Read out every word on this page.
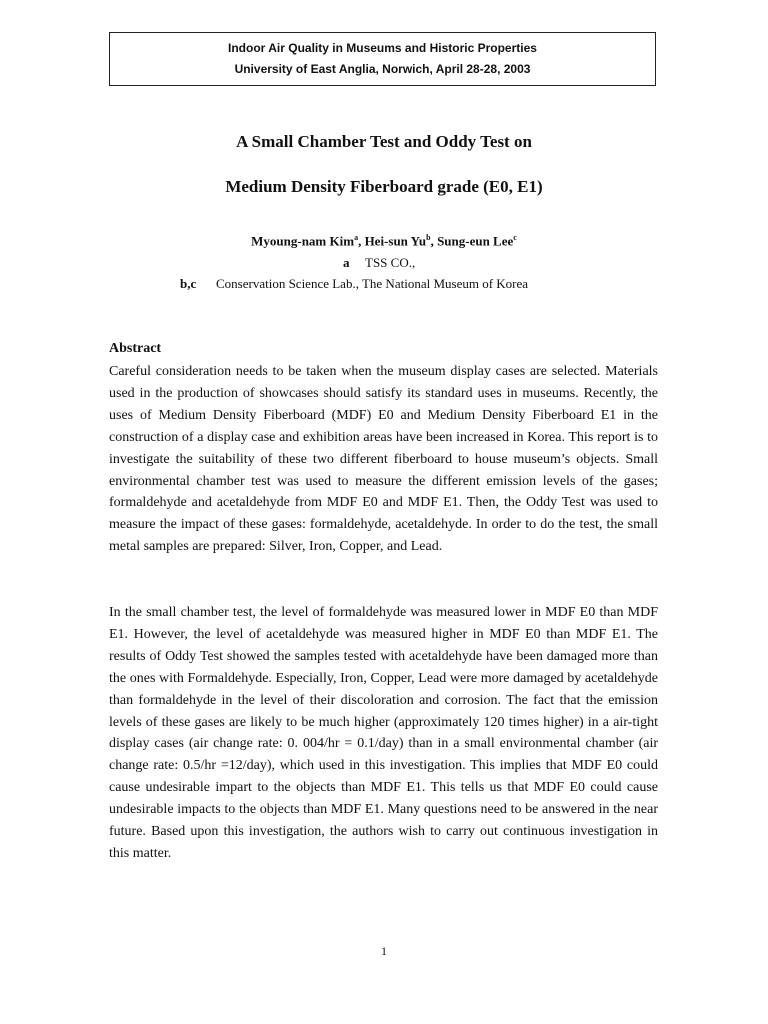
Indoor Air Quality in Museums and Historic Properties
University of East Anglia, Norwich, April 28-28, 2003
A Small Chamber Test and Oddy Test on
Medium Density Fiberboard grade (E0, E1)
Myoung-nam Kim$^a$, Hei-sun Yu$^b$, Sung-eun Lee$^c$
a TSS CO.,
b,c Conservation Science Lab., The National Museum of Korea
Abstract

Careful consideration needs to be taken when the museum display cases are selected. Materials used in the production of showcases should satisfy its standard uses in museums. Recently, the uses of Medium Density Fiberboard (MDF) E0 and Medium Density Fiberboard E1 in the construction of a display case and exhibition areas have been increased in Korea. This report is to investigate the suitability of these two different fiberboard to house museum’s objects. Small environmental chamber test was used to measure the different emission levels of the gases; formaldehyde and acetaldehyde from MDF E0 and MDF E1. Then, the Oddy Test was used to measure the impact of these gases: formaldehyde, acetaldehyde. In order to do the test, the small metal samples are prepared: Silver, Iron, Copper, and Lead.

In the small chamber test, the level of formaldehyde was measured lower in MDF E0 than MDF E1. However, the level of acetaldehyde was measured higher in MDF E0 than MDF E1. The results of Oddy Test showed the samples tested with acetaldehyde have been damaged more than the ones with Formaldehyde. Especially, Iron, Copper, Lead were more damaged by acetaldehyde than formaldehyde in the level of their discoloration and corrosion. The fact that the emission levels of these gases are likely to be much higher (approximately 120 times higher) in a air-tight display cases (air change rate: 0. 004/hr = 0.1/day) than in a small environmental chamber (air change rate: 0.5/hr =12/day), which used in this investigation. This implies that MDF E0 could cause undesirable impart to the objects than MDF E1. This tells us that MDF E0 could cause undesirable impacts to the objects than MDF E1. Many questions need to be answered in the near future. Based upon this investigation, the authors wish to carry out continuous investigation in this matter.

1
